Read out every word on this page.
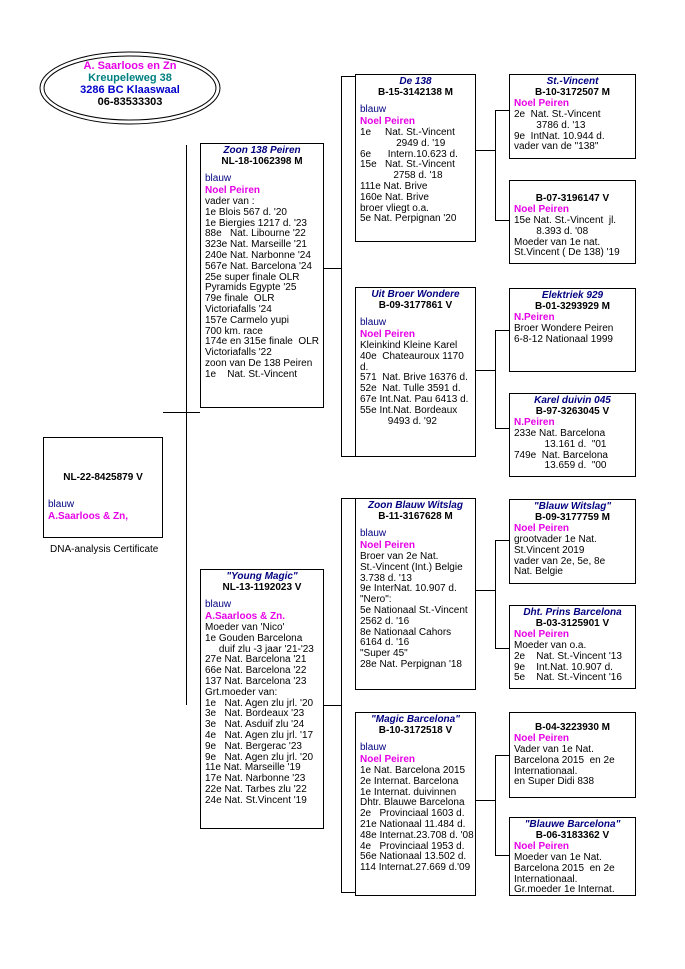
A. Saarloos en Zn
Kreupeleweg 38
3286 BC Klaaswaal
06-83533303
NL-22-8425879 V
blauw
A.Saarloos & Zn,
DNA-analysis Certificate
Zoon 138 Peiren
NL-18-1062398 M
blauw
Noel Peiren
vader van :
1e Blois 567 d. '20
1e Biergies 1217 d. '23
88e   Nat. Libourne '22
323e Nat. Marseille '21
240e Nat. Narbonne '24
567e Nat. Barcelona '24
25e super finale OLR
Pyramids Egypte '25
79e finale  OLR
Victoriafalls '24
157e Carmelo yupi
700 km. race
174e en 315e finale  OLR
Victoriafalls '22
zoon van De 138 Peiren
1e    Nat. St.-Vincent
"Young Magic"
NL-13-1192023 V
blauw
A.Saarloos & Zn.
Moeder van 'Nico'
1e Gouden Barcelona
duif zlu -3 jaar '21-'23
27e Nat. Barcelona '21
66e Nat. Barcelona '22
137 Nat. Barcelona '23
Grt.moeder van:
1e   Nat. Agen zlu jrl. '20
3e   Nat. Bordeaux '23
3e   Nat. Asduif zlu '24
4e   Nat. Agen zlu jrl. '17
9e   Nat. Bergerac '23
9e   Nat. Agen zlu jrl. '20
11e Nat. Marseille '19
17e Nat. Narbonne '23
22e Nat. Tarbes zlu '22
24e Nat. St.Vincent '19
De 138
B-15-3142138 M
blauw
Noel Peiren
1e     Nat. St.-Vincent
2949 d. '19
6e      Intern.10.623 d.
15e   Nat. St.-Vincent
2758 d. '18
111e Nat. Brive
160e Nat. Brive
broer vliegt o.a.
5e Nat. Perpignan '20
Uit Broer Wondere
B-09-3177861 V
blauw
Noel Peiren
Kleinkind Kleine Karel
40e  Chateauroux 1170
d.
571  Nat. Brive 16376 d.
52e  Nat. Tulle 3591 d.
67e Int.Nat. Pau 6413 d.
55e Int.Nat. Bordeaux
9493 d. '92
Zoon Blauw Witslag
B-11-3167628 M
blauw
Noel Peiren
Broer van 2e Nat.
St.-Vincent (Int.) Belgie
3.738 d. '13
9e InterNat. 10.907 d.
"Nero":
5e Nationaal St.-Vincent
2562 d. '16
8e Nationaal Cahors
6164 d. '16
"Super 45"
28e Nat. Perpignan '18
"Magic Barcelona"
B-10-3172518 V
blauw
Noel Peiren
1e Nat. Barcelona 2015
2e Internat. Barcelona
1e Internat. duivinnen
Dhtr. Blauwe Barcelona
2e   Provinciaal 1603 d.
21e Nationaal 11.484 d.
48e Internat.23.708 d. '08
4e   Provinciaal 1953 d.
56e Nationaal 13.502 d.
114 Internat.27.669 d.'09
St.-Vincent
B-10-3172507 M
Noel Peiren
2e  Nat. St.-Vincent
3786 d. '13
9e  IntNat. 10.944 d.
vader van de "138"
B-07-3196147 V
Noel Peiren
15e Nat. St.-Vincent  jl.
8.393 d. '08
Moeder van 1e nat.
St.Vincent ( De 138) '19
Elektriek 929
B-01-3293929 M
N.Peiren
Broer Wondere Peiren
6-8-12 Nationaal 1999
Karel duivin 045
B-97-3263045 V
N.Peiren
233e Nat. Barcelona
13.161 d.  "01
749e  Nat. Barcelona
13.659 d.  "00
"Blauw Witslag"
B-09-3177759 M
Noel Peiren
grootvader 1e Nat.
St.Vincent 2019
vader van 2e, 5e, 8e
Nat. Belgie
Dht. Prins Barcelona
B-03-3125901 V
Noel Peiren
Moeder van o.a.
2e    Nat. St.-Vincent '13
9e    Int.Nat. 10.907 d.
5e    Nat. St.-Vincent '16
B-04-3223930 M
Noel Peiren
Vader van 1e Nat.
Barcelona 2015  en 2e
Internationaal.
en Super Didi 838
"Blauwe Barcelona"
B-06-3183362 V
Noel Peiren
Moeder van 1e Nat.
Barcelona 2015  en 2e
Internationaal.
Gr.moeder 1e Internat.
